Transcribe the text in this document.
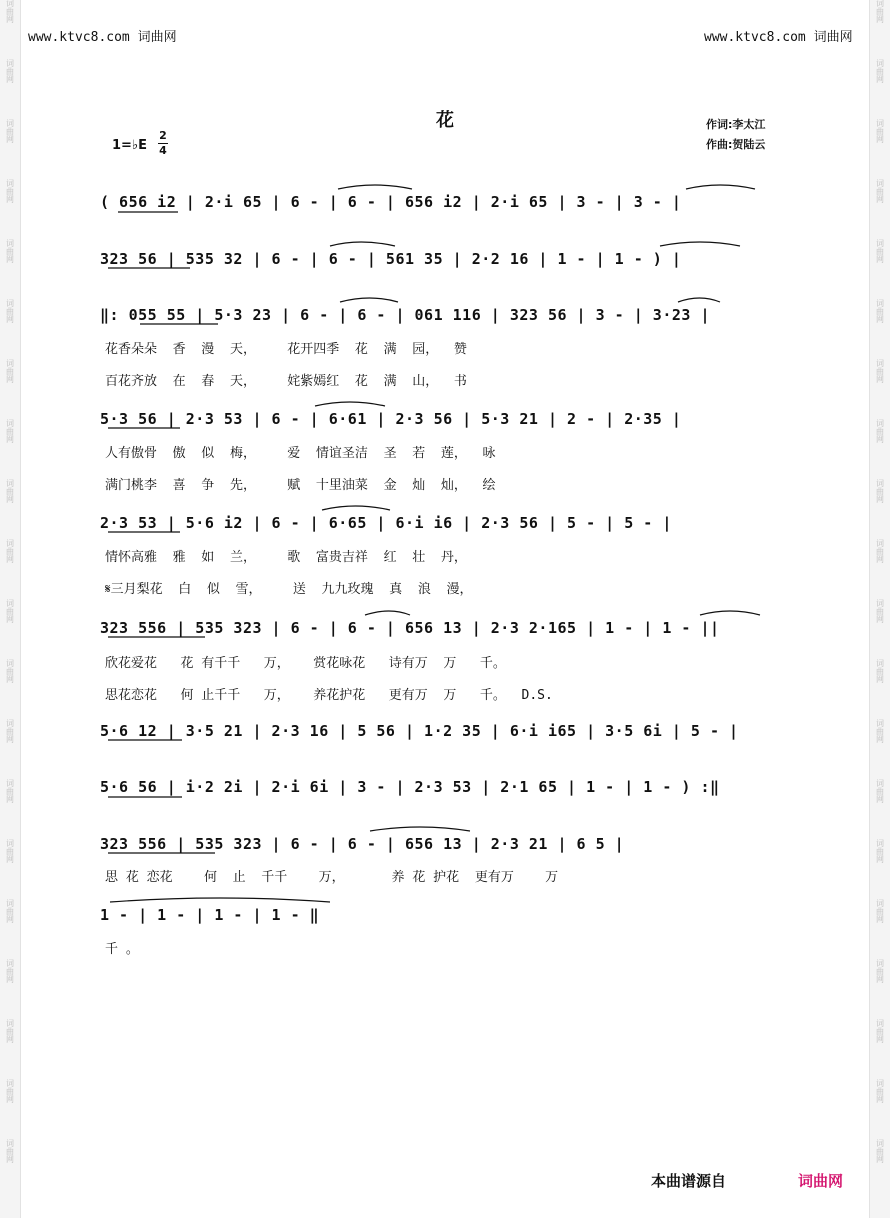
词
曲
网
词
曲
网
词
曲
网
词
曲
网
词
曲
网
词
曲
网
词
曲
网
词
曲
网
词
曲
网
词
曲
网
词
曲
网
词
曲
网
词
曲
网
词
曲
网
词
曲
网
词
曲
网
词
曲
网
词
曲
网
词
曲
网
词
曲
网
词
曲
网
词
曲
网
词
曲
网
词
曲
网
词
曲
网
词
曲
网
词
曲
网
词
曲
网
词
曲
网
词
曲
网
词
曲
网
词
曲
网
词
曲
网
词
曲
网
词
曲
网
词
曲
网
词
曲
网
词
曲
网
词
曲
网
词
曲
网
www.ktvc8.com 词曲网	www.ktvc8.com 词曲网
花	作词:李太江
作曲:贺陆云
1=♭E
2
4
( 656 i2 | 2·i 65 | 6 - | 6 - | 656 i2 | 2·i 65 | 3 - | 3 - |
323 56 | 535 32 | 6 - | 6 - | 561 35 | 2·2 16 | 1 - | 1 - ) |
‖: 055 55 | 5·3 23 | 6 - | 6 - | 061 116 | 323 56 | 3 - | 3·23 |
花香朵朵  香  漫  天，    花开四季  花  满  园，  赞
百花齐放  在  春  天，    姹紫嫣红  花  满  山，  书
5·3 56 | 2·3 53 | 6 - | 6·61 | 2·3 56 | 5·3 21 | 2 - | 2·35 |
人有傲骨  傲  似  梅，    爱  情谊圣洁  圣  若  莲，  咏
满门桃李  喜  争  先，    赋  十里油菜  金  灿  灿，  绘
2·3 53 | 5·6 i2 | 6 - | 6·65 | 6·i i6 | 2·3 56 | 5 - | 5 - |
情怀高雅  雅  如  兰，    歌  富贵吉祥  红  壮  丹，
𝄋三月梨花  白  似  雪，    送  九九玫瑰  真  浪  漫，
323 556 | 535 323 | 6 - | 6 - | 656 13 | 2·3 2·165 | 1 - | 1 - ||
欣花爱花   花 有千千   万，   赏花咏花   诗有万  万   千。
思花恋花   何 止千千   万，   养花护花   更有万  万   千。  D.S.
5·6 12 | 3·5 21 | 2·3 16 | 5 56 | 1·2 35 | 6·i i65 | 3·5 6i | 5 - |
5·6 56 | i·2 2i | 2·i 6i | 3 - | 2·3 53 | 2·1 65 | 1 - | 1 - ) :‖
323 556 | 535 323 | 6 - | 6 - | 656 13 | 2·3 21 | 6 5 |
思 花 恋花    何  止  千千    万，      养 花 护花  更有万    万
1 - | 1 - | 1 - | 1 - ‖
千 。
本曲谱源自	词曲网
